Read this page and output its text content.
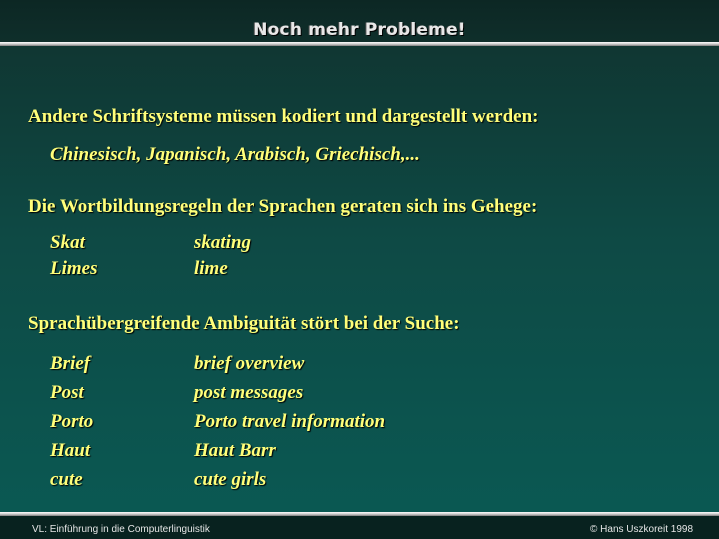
Noch mehr Probleme!
Andere Schriftsysteme müssen kodiert und dargestellt werden:
Chinesisch, Japanisch, Arabisch, Griechisch,...
Die Wortbildungsregeln der Sprachen geraten sich ins Gehege:
Skat	skating
Limes	lime
Sprachübergreifende Ambiguität stört bei der Suche:
Brief	brief overview
Post	post messages
Porto	Porto travel information
Haut	Haut Barr
cute	cute girls
VL: Einführung in die Computerlinguistik	© Hans Uszkoreit 1998
